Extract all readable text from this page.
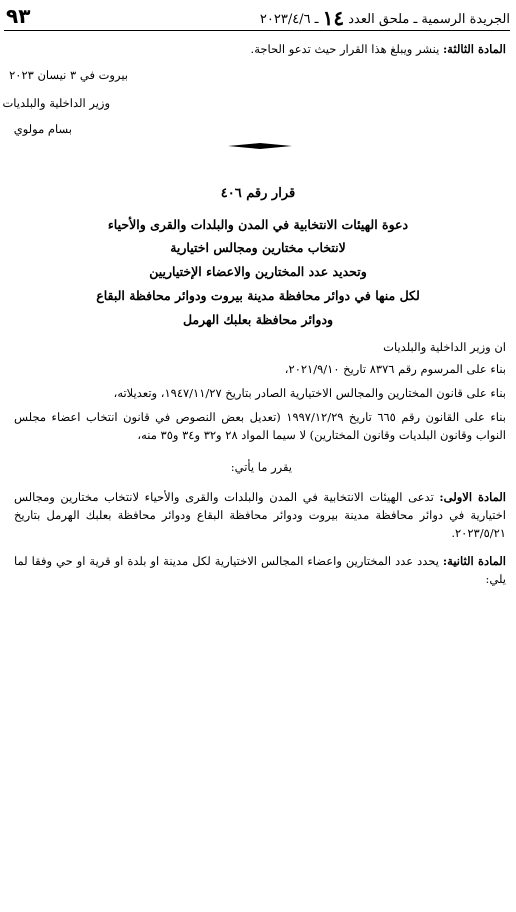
٩٣	الجريدة الرسمية ـ ملحق العدد ١٤ ـ ٢٠٢٣/٤/٦
المادة الثالثة: ينشر ويبلغ هذا القرار حيث تدعو الحاجة.
بيروت في ٣ نيسان ٢٠٢٣
وزير الداخلية والبلديات
بسام مولوي
قرار رقم ٤٠٦
دعوة الهيئات الانتخابية في المدن والبلدات والقرى والأحياء
لانتخاب مختارين ومجالس اختيارية
وتحديد عدد المختارين والاعضاء الإختياريين
لكل منها في دوائر محافظة مدينة بيروت ودوائر محافظة البقاع
ودوائر محافظة بعلبك الهرمل
ان وزير الداخلية والبلديات
بناء على المرسوم رقم ٨٣٧٦ تاريخ ٢٠٢١/٩/١٠،
بناء على قانون المختارين والمجالس الاختيارية الصادر بتاريخ ١٩٤٧/١١/٢٧، وتعديلاته،
بناء على القانون رقم ٦٦٥ تاريخ ١٩٩٧/١٢/٢٩ (تعديل بعض النصوص في قانون انتخاب اعضاء مجلس النواب وقانون البلديات وقانون المختارين) لا سيما المواد ٢٨ و٣٢ و٣٤ و٣٥ منه،
يقرر ما يأتي:
المادة الاولى: تدعى الهيئات الانتخابية في المدن والبلدات والقرى والأحياء لانتخاب مختارين ومجالس اختيارية في دوائر محافظة مدينة بيروت ودوائر محافظة البقاع ودوائر محافظة بعلبك الهرمل بتاريخ ٢٠٢٣/٥/٢١.
المادة الثانية: يحدد عدد المختارين واعضاء المجالس الاختيارية لكل مدينة او بلدة او قرية او حي وفقا لما يلي:
